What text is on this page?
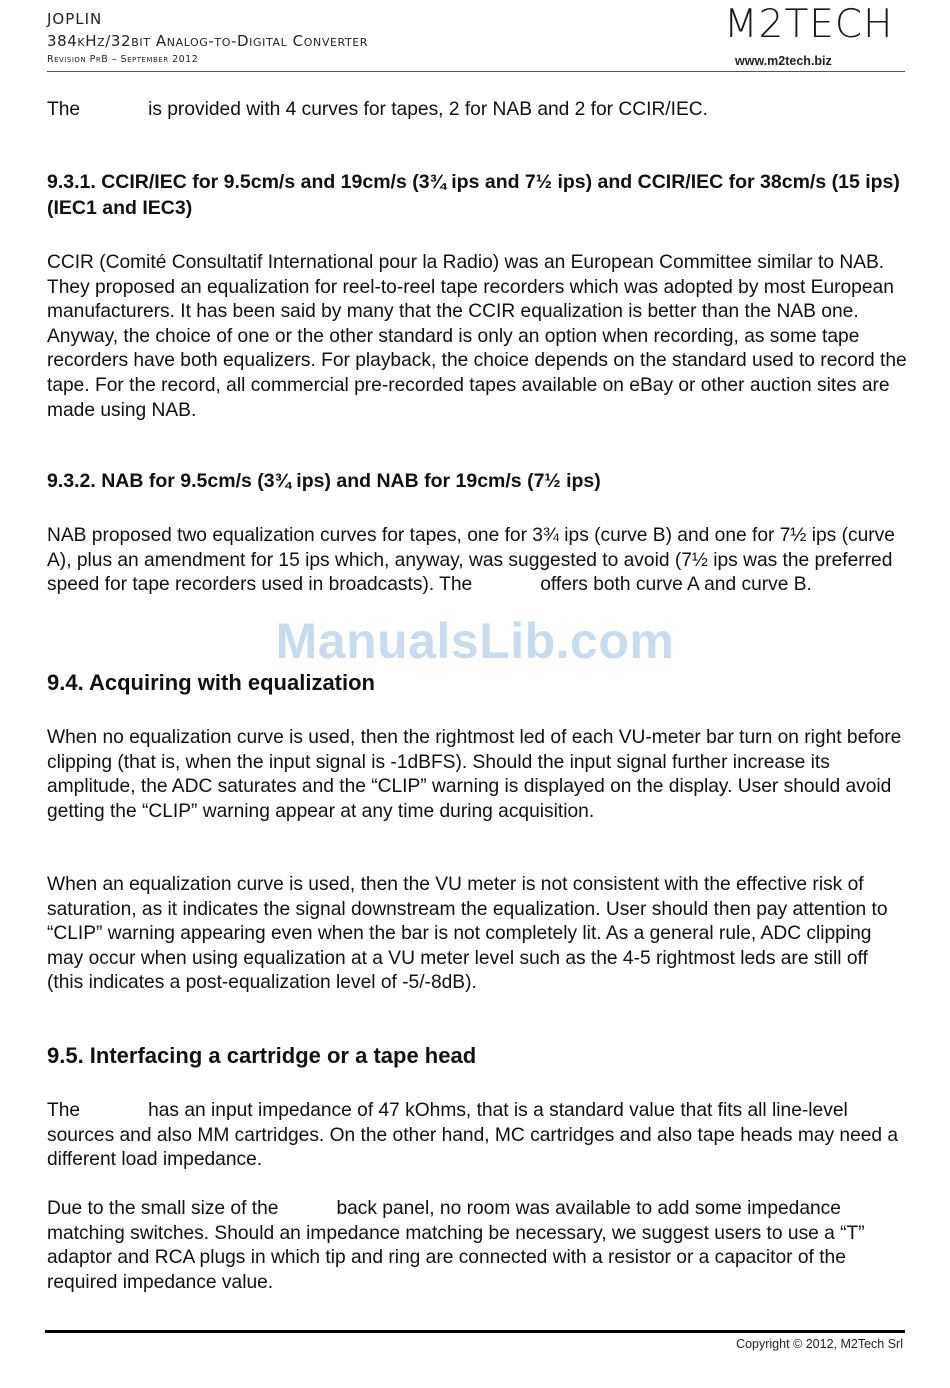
JOPLIN
384kHz/32bit Analog-to-Digital Converter
Revision PrB – September 2012
M2TECH
www.m2tech.biz

The	is provided with 4 curves for tapes, 2 for NAB and 2 for CCIR/IEC.

9.3.1. CCIR/IEC for 9.5cm/s and 19cm/s (3¾ ips and 7½ ips) and CCIR/IEC for 38cm/s (15 ips) (IEC1 and IEC3)

CCIR (Comité Consultatif International pour la Radio) was an European Committee similar to NAB. They proposed an equalization for reel-to-reel tape recorders which was adopted by most European manufacturers. It has been said by many that the CCIR equalization is better than the NAB one. Anyway, the choice of one or the other standard is only an option when recording, as some tape recorders have both equalizers. For playback, the choice depends on the standard used to record the tape. For the record, all commercial pre-recorded tapes available on eBay or other auction sites are made using NAB.

9.3.2. NAB for 9.5cm/s (3¾ ips) and NAB for 19cm/s (7½ ips)

NAB proposed two equalization curves for tapes, one for 3¾ ips (curve B) and one for 7½ ips (curve A), plus an amendment for 15 ips which, anyway, was suggested to avoid (7½ ips was the preferred speed for tape recorders used in broadcasts). The	offers both curve A and curve B.

ManualsLib.com
9.4. Acquiring with equalization

When no equalization curve is used, then the rightmost led of each VU-meter bar turn on right before clipping (that is, when the input signal is -1dBFS). Should the input signal further increase its amplitude, the ADC saturates and the “CLIP” warning is displayed on the display. User should avoid getting the “CLIP” warning appear at any time during acquisition.

When an equalization curve is used, then the VU meter is not consistent with the effective risk of saturation, as it indicates the signal downstream the equalization. User should then pay attention to “CLIP” warning appearing even when the bar is not completely lit. As a general rule, ADC clipping may occur when using equalization at a VU meter level such as the 4-5 rightmost leds are still off (this indicates a post-equalization level of -5/-8dB).

9.5. Interfacing a cartridge or a tape head

The	has an input impedance of 47 kOhms, that is a standard value that fits all line-level sources and also MM cartridges. On the other hand, MC cartridges and also tape heads may need a different load impedance.

Due to the small size of the	back panel, no room was available to add some impedance matching switches. Should an impedance matching be necessary, we suggest users to use a “T” adaptor and RCA plugs in which tip and ring are connected with a resistor or a capacitor of the required impedance value.

Copyright © 2012, M2Tech Srl
